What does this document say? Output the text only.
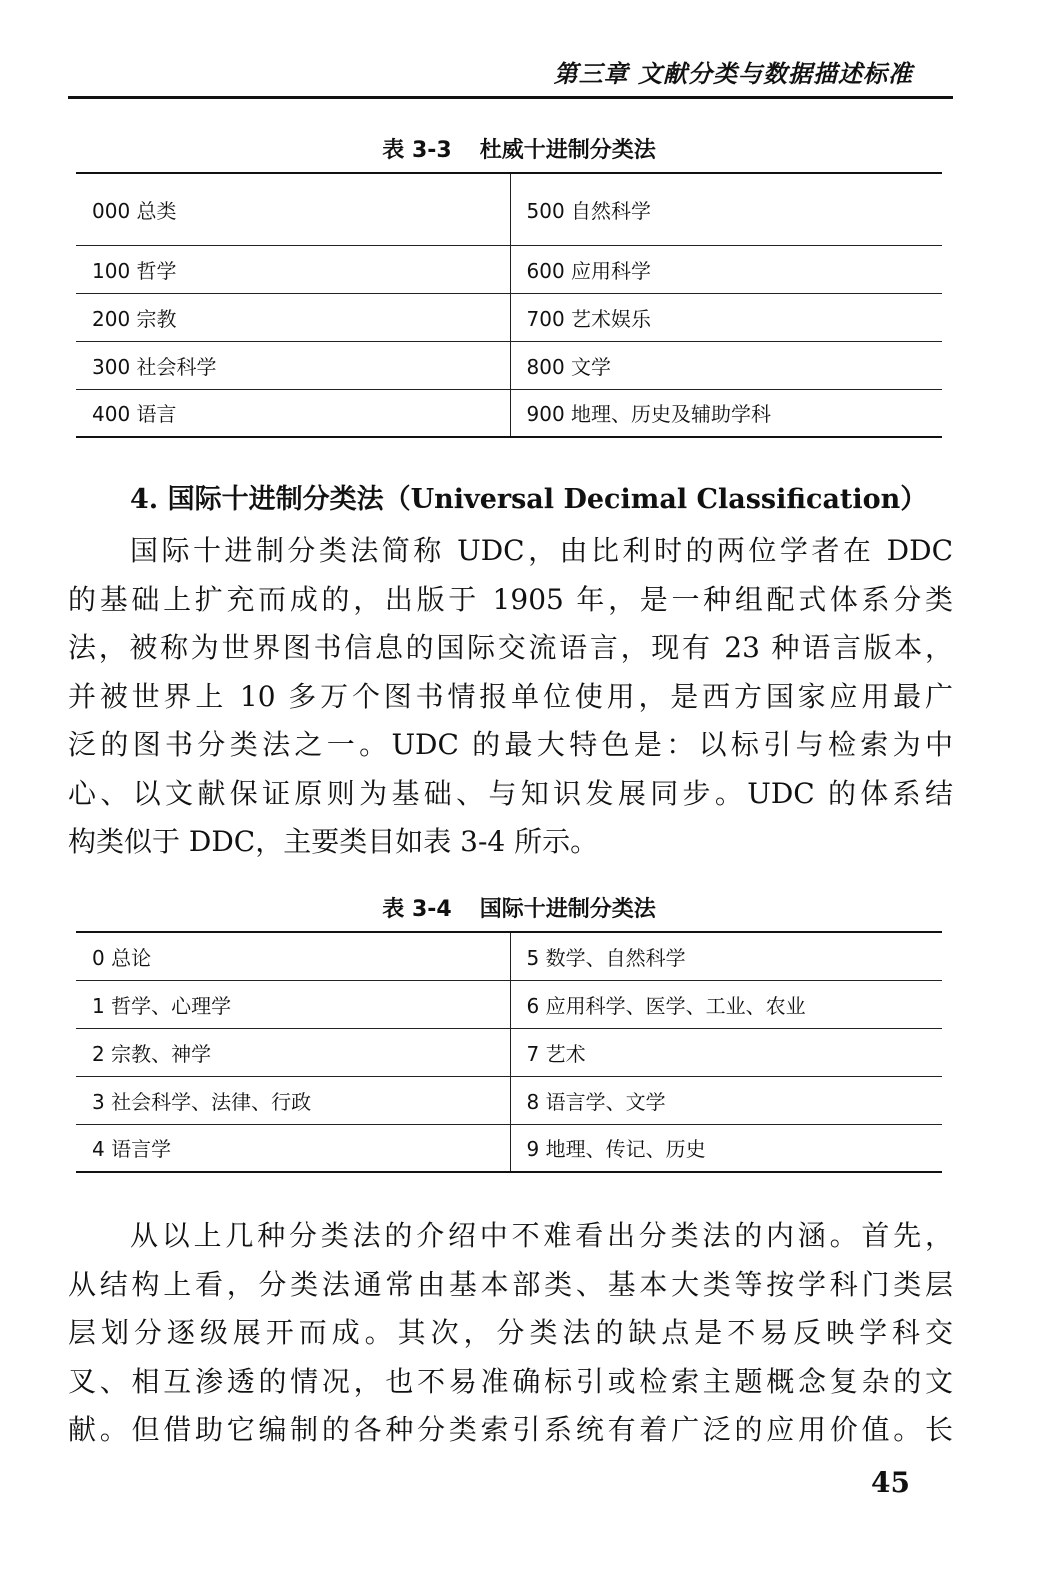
第三章 文献分类与数据描述标准
表 3-3 杜威十进制分类法
000 总类	500 自然科学
100 哲学	600 应用科学
200 宗教	700 艺术娱乐
300 社会科学	800 文学
400 语言	900 地理、历史及辅助学科
4. 国际十进制分类法（Universal Decimal Classification）
国际十进制分类法简称 UDC，由比利时的两位学者在 DDC
的基础上扩充而成的，出版于 1905 年，是一种组配式体系分类
法，被称为世界图书信息的国际交流语言，现有 23 种语言版本，
并被世界上 10 多万个图书情报单位使用，是西方国家应用最广
泛的图书分类法之一。UDC 的最大特色是：以标引与检索为中
心、以文献保证原则为基础、与知识发展同步。UDC 的体系结
构类似于 DDC，主要类目如表 3-4 所示。
表 3-4 国际十进制分类法
0 总论	5 数学、自然科学
1 哲学、心理学	6 应用科学、医学、工业、农业
2 宗教、神学	7 艺术
3 社会科学、法律、行政	8 语言学、文学
4 语言学	9 地理、传记、历史
从以上几种分类法的介绍中不难看出分类法的内涵。首先，
从结构上看，分类法通常由基本部类、基本大类等按学科门类层
层划分逐级展开而成。其次，分类法的缺点是不易反映学科交
叉、相互渗透的情况，也不易准确标引或检索主题概念复杂的文
献。但借助它编制的各种分类索引系统有着广泛的应用价值。长
45
